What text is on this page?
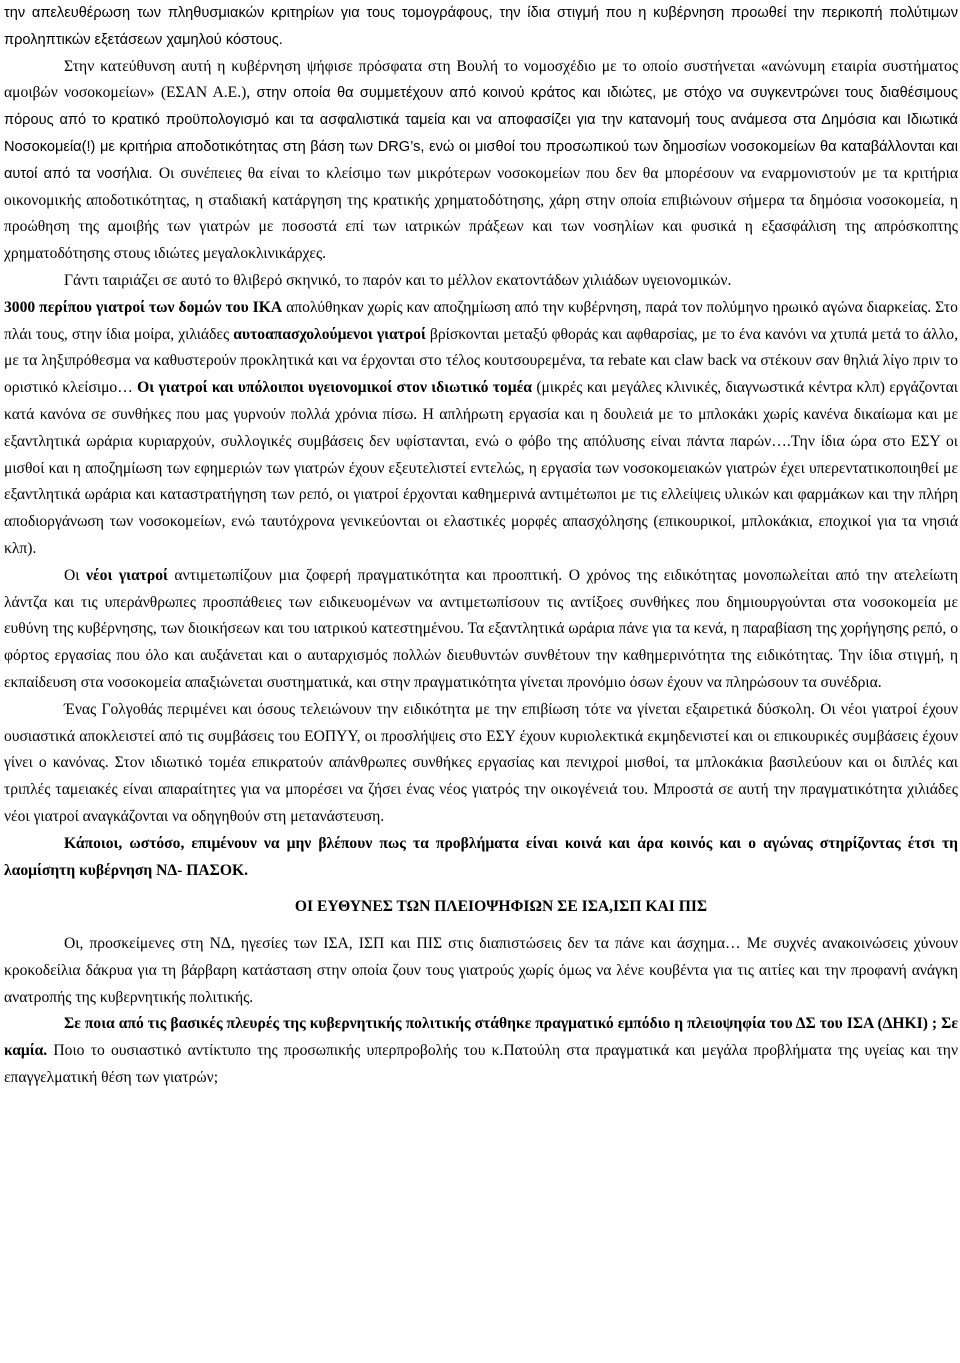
την απελευθέρωση των πληθυσμιακών κριτηρίων για τους τομογράφους, την ίδια στιγμή που η κυβέρνηση προωθεί την περικοπή πολύτιμων προληπτικών εξετάσεων χαμηλού κόστους.

Στην κατεύθυνση αυτή η κυβέρνηση ψήφισε πρόσφατα στη Βουλή το νομοσχέδιο με το οποίο συστήνεται «ανώνυμη εταιρία συστήματος αμοιβών νοσοκομείων» (ΕΣΑΝ Α.Ε.), στην οποία θα συμμετέχουν από κοινού κράτος και ιδιώτες, με στόχο να συγκεντρώνει τους διαθέσιμους πόρους από το κρατικό προϋπολογισμό και τα ασφαλιστικά ταμεία και να αποφασίζει για την κατανομή τους ανάμεσα στα Δημόσια και Ιδιωτικά Νοσοκομεία(!) με κριτήρια αποδοτικότητας στη βάση των DRG’s, ενώ οι μισθοί του προσωπικού των δημοσίων νοσοκομείων θα καταβάλλονται και αυτοί από τα νοσήλια. Οι συνέπειες θα είναι το κλείσιμο των μικρότερων νοσοκομείων που δεν θα μπορέσουν να εναρμονιστούν με τα κριτήρια οικονομικής αποδοτικότητας, η σταδιακή κατάργηση της κρατικής χρηματοδότησης, χάρη στην οποία επιβιώνουν σήμερα τα δημόσια νοσοκομεία, η προώθηση της αμοιβής των γιατρών με ποσοστά επί των ιατρικών πράξεων και των νοσηλίων και φυσικά η εξασφάλιση της απρόσκοπτης χρηματοδότησης στους ιδιώτες μεγαλοκλινικάρχες.

Γάντι ταιριάζει σε αυτό το θλιβερό σκηνικό, το παρόν και το μέλλον εκατοντάδων χιλιάδων υγειονομικών.

3000 περίπου γιατροί των δομών του ΙΚΑ απολύθηκαν χωρίς καν αποζημίωση από την κυβέρνηση, παρά τον πολύμηνο ηρωικό αγώνα διαρκείας. Στο πλάι τους, στην ίδια μοίρα, χιλιάδες αυτοαπασχολούμενοι γιατροί βρίσκονται μεταξύ φθοράς και αφθαρσίας, με το ένα κανόνι να χτυπά μετά το άλλο, με τα ληξιπρόθεσμα να καθυστερούν προκλητικά και να έρχονται στο τέλος κουτσουρεμένα, τα rebate και claw back να στέκουν σαν θηλιά λίγο πριν το οριστικό κλείσιμο… Οι γιατροί και υπόλοιποι υγειονομικοί στον ιδιωτικό τομέα (μικρές και μεγάλες κλινικές, διαγνωστικά κέντρα κλπ) εργάζονται κατά κανόνα σε συνθήκες που μας γυρνούν πολλά χρόνια πίσω. Η απλήρωτη εργασία και η δουλειά με το μπλοκάκι χωρίς κανένα δικαίωμα και με εξαντλητικά ωράρια κυριαρχούν, συλλογικές συμβάσεις δεν υφίστανται, ενώ ο φόβο της απόλυσης είναι πάντα παρών….Την ίδια ώρα στο ΕΣΥ οι μισθοί και η αποζημίωση των εφημεριών των γιατρών έχουν εξευτελιστεί εντελώς, η εργασία των νοσοκομειακών γιατρών έχει υπερεντατικοποιηθεί με εξαντλητικά ωράρια και καταστρατήγηση των ρεπό, οι γιατροί έρχονται καθημερινά αντιμέτωποι με τις ελλείψεις υλικών και φαρμάκων και την πλήρη αποδιοργάνωση των νοσοκομείων, ενώ ταυτόχρονα γενικεύονται οι ελαστικές μορφές απασχόλησης (επικουρικοί, μπλοκάκια, εποχικοί για τα νησιά κλπ).

Οι νέοι γιατροί αντιμετωπίζουν μια ζοφερή πραγματικότητα και προοπτική. Ο χρόνος της ειδικότητας μονοπωλείται από την ατελείωτη λάντζα και τις υπεράνθρωπες προσπάθειες των ειδικευομένων να αντιμετωπίσουν τις αντίξοες συνθήκες που δημιουργούνται στα νοσοκομεία με ευθύνη της κυβέρνησης, των διοικήσεων και του ιατρικού κατεστημένου. Τα εξαντλητικά ωράρια πάνε για τα κενά, η παραβίαση της χορήγησης ρεπό, ο φόρτος εργασίας που όλο και αυξάνεται και ο αυταρχισμός πολλών διευθυντών συνθέτουν την καθημερινότητα της ειδικότητας. Την ίδια στιγμή, η εκπαίδευση στα νοσοκομεία απαξιώνεται συστηματικά, και στην πραγματικότητα γίνεται προνόμιο όσων έχουν να πληρώσουν τα συνέδρια.

Ένας Γολγοθάς περιμένει και όσους τελειώνουν την ειδικότητα με την επιβίωση τότε να γίνεται εξαιρετικά δύσκολη. Οι νέοι γιατροί έχουν ουσιαστικά αποκλειστεί από τις συμβάσεις του ΕΟΠΥΥ, οι προσλήψεις στο ΕΣΥ έχουν κυριολεκτικά εκμηδενιστεί και οι επικουρικές συμβάσεις έχουν γίνει ο κανόνας. Στον ιδιωτικό τομέα επικρατούν απάνθρωπες συνθήκες εργασίας και πενιχροί μισθοί, τα μπλοκάκια βασιλεύουν και οι διπλές και τριπλές ταμειακές είναι απαραίτητες για να μπορέσει να ζήσει ένας νέος γιατρός την οικογένειά του. Μπροστά σε αυτή την πραγματικότητα χιλιάδες νέοι γιατροί αναγκάζονται να οδηγηθούν στη μετανάστευση.

Κάποιοι, ωστόσο, επιμένουν να μην βλέπουν πως τα προβλήματα είναι κοινά και άρα κοινός και ο αγώνας στηρίζοντας έτσι τη λαομίσητη κυβέρνηση ΝΔ- ΠΑΣΟΚ.

ΟΙ ΕΥΘΥΝΕΣ ΤΩΝ ΠΛΕΙΟΨΗΦΙΩΝ ΣΕ ΙΣΑ,ΙΣΠ ΚΑΙ ΠΙΣ

Οι, προσκείμενες στη ΝΔ, ηγεσίες των ΙΣΑ, ΙΣΠ και ΠΙΣ στις διαπιστώσεις δεν τα πάνε και άσχημα… Με συχνές ανακοινώσεις χύνουν κροκοδείλια δάκρυα για τη βάρβαρη κατάσταση στην οποία ζουν τους γιατρούς χωρίς όμως να λένε κουβέντα για τις αιτίες και την προφανή ανάγκη ανατροπής της κυβερνητικής πολιτικής.

Σε ποια από τις βασικές πλευρές της κυβερνητικής πολιτικής στάθηκε πραγματικό εμπόδιο η πλειοψηφία του ΔΣ του ΙΣΑ (ΔΗΚΙ) ; Σε καμία. Ποιο το ουσιαστικό αντίκτυπο της προσωπικής υπερπροβολής του κ.Πατούλη στα πραγματικά και μεγάλα προβλήματα της υγείας και την επαγγελματική θέση των γιατρών;
